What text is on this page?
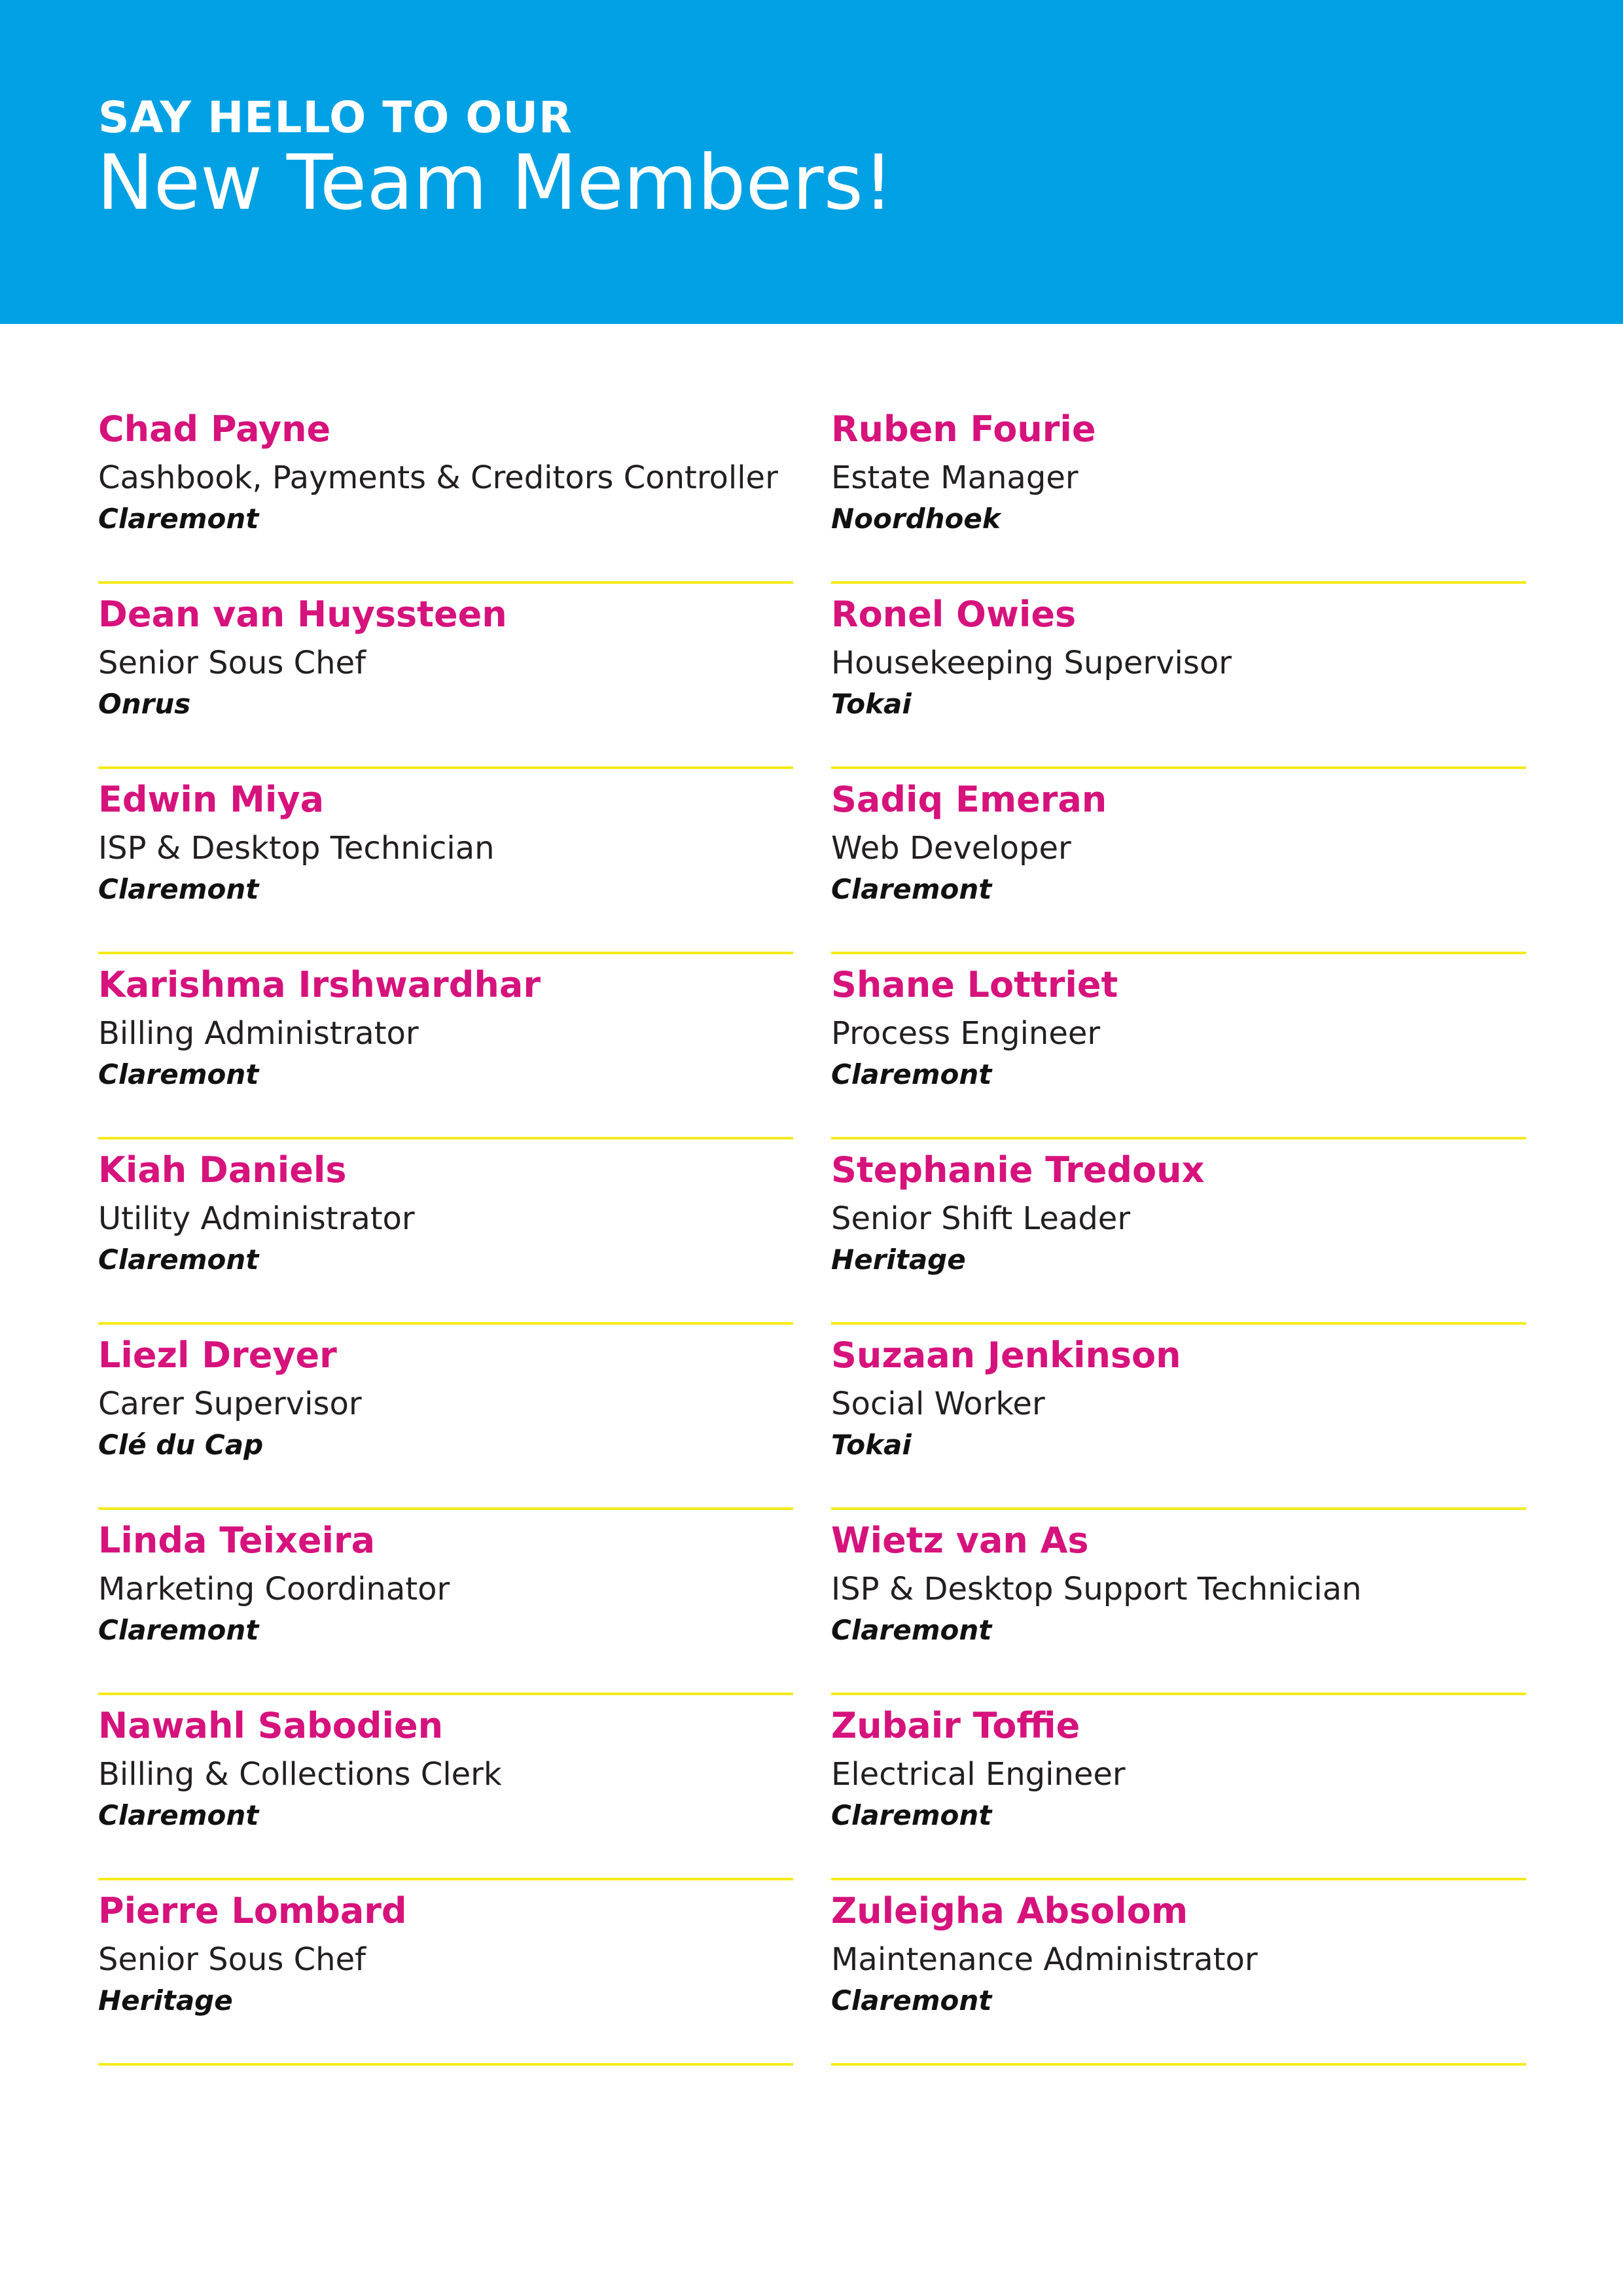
SAY HELLO TO OUR
New Team Members!
Chad Payne
Cashbook, Payments & Creditors Controller
Claremont
Dean van Huyssteen
Senior Sous Chef
Onrus
Edwin Miya
ISP & Desktop Technician
Claremont
Karishma Irshwardhar
Billing Administrator
Claremont
Kiah Daniels
Utility Administrator
Claremont
Liezl Dreyer
Carer Supervisor
Clé du Cap
Linda Teixeira
Marketing Coordinator
Claremont
Nawahl Sabodien
Billing & Collections Clerk
Claremont
Pierre Lombard
Senior Sous Chef
Heritage
Ruben Fourie
Estate Manager
Noordhoek
Ronel Owies
Housekeeping Supervisor
Tokai
Sadiq Emeran
Web Developer
Claremont
Shane Lottriet
Process Engineer
Claremont
Stephanie Tredoux
Senior Shift Leader
Heritage
Suzaan Jenkinson
Social Worker
Tokai
Wietz van As
ISP & Desktop Support Technician
Claremont
Zubair Toffie
Electrical Engineer
Claremont
Zuleigha Absolom
Maintenance Administrator
Claremont
